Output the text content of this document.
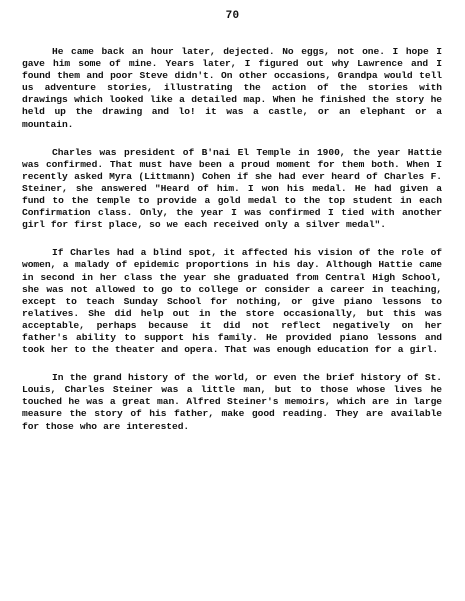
70

He came back an hour later, dejected. No eggs, not one. I hope I gave him some of mine. Years later, I figured out why Lawrence and I found them and poor Steve didn't. On other occasions, Grandpa would tell us adventure stories, illustrating the action of the stories with drawings which looked like a detailed map. When he finished the story he held up the drawing and lo! it was a castle, or an elephant or a mountain.

Charles was president of B'nai El Temple in 1900, the year Hattie was confirmed. That must have been a proud moment for them both. When I recently asked Myra (Littmann) Cohen if she had ever heard of Charles F. Steiner, she answered "Heard of him. I won his medal. He had given a fund to the temple to provide a gold medal to the top student in each Confirmation class. Only, the year I was confirmed I tied with another girl for first place, so we each received only a silver medal".

If Charles had a blind spot, it affected his vision of the role of women, a malady of epidemic proportions in his day. Although Hattie came in second in her class the year she graduated from Central High School, she was not allowed to go to college or consider a career in teaching, except to teach Sunday School for nothing, or give piano lessons to relatives. She did help out in the store occasionally, but this was acceptable, perhaps because it did not reflect negatively on her father's ability to support his family. He provided piano lessons and took her to the theater and opera. That was enough education for a girl.

In the grand history of the world, or even the brief history of St. Louis, Charles Steiner was a little man, but to those whose lives he touched he was a great man. Alfred Steiner's memoirs, which are in large measure the story of his father, make good reading. They are available for those who are interested.
